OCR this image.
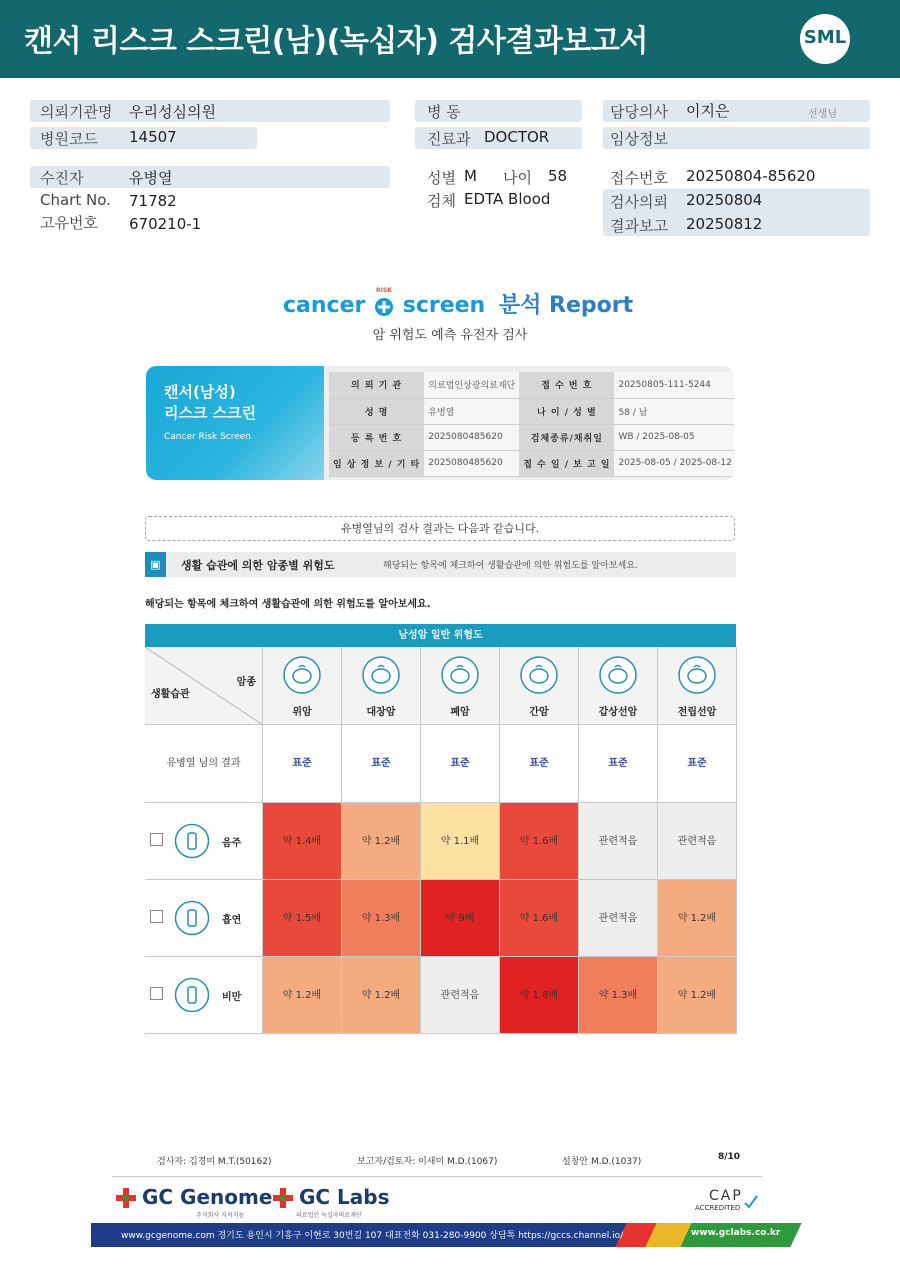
캔서 리스크 스크린(남)(녹십자) 검사결과보고서	SML
의뢰기관명 우리성심의원
병원코드 14507
수진자	유병열
Chart No. 71782
고유번호 670210-1
병 동
진료과 DOCTOR
성별 M 나이 58
검체 EDTA Blood
담당의사 이지은	선생님
임상정보
접수번호 20250804-85620
검사의뢰 20250804
결과보고 20250812
cancer
RISK
screen 분석 Report
암 위험도 예측 유전자 검사
캔서(남성)
리스크 스크린
Cancer Risk Screen
의 뢰 기 관	의료법인상광의료재단	접 수 번 호	20250805-111-5244
성 명	유병열	나 이 / 성 별	58 / 남
등 록 번 호	2025080485620	검체종류/채취일	WB / 2025-08-05
임 상 정 보 / 기 타	2025080485620	접 수 일 / 보 고 일	2025-08-05 / 2025-08-12
유병열님의 검사 결과는 다음과 같습니다.
▣	생활 습관에 의한 암종별 위험도	해당되는 항목에 체크하여 생활습관에 의한 위험도를 알아보세요.
해당되는 항목에 체크하여 생활습관에 의한 위험도를 알아보세요.
남성암 일반 위험도
암종
생활습관
위암	대장암	폐암	간암	갑상선암	전립선암
유병열 님의 결과	표준	표준	표준	표준	표준	표준
음주	약 1.4배	약 1.2배	약 1.1배	약 1.6배	관련적음	관련적음
흡연	약 1.5배	약 1.3배	약 9배	약 1.6배	관련적음	약 1.2배
비만	약 1.2배	약 1.2배	관련적음	약 1.8배	약 1.3배	약 1.2배
검사자: 김경미 M.T.(50162)	보고자/검토자: 이새미 M.D.(1067)	설창안 M.D.(1037)	8/10
GC Genome
주식회사 지씨지놈
GC Labs
의료법인 녹십자의료재단
CAP
ACCREDITED
www.gcgenome.com 경기도 용인시 기흥구 이현로 30번길 107 대표전화 031-280-9900 상담톡 https://gccs.channel.io/	www.gclabs.co.kr
